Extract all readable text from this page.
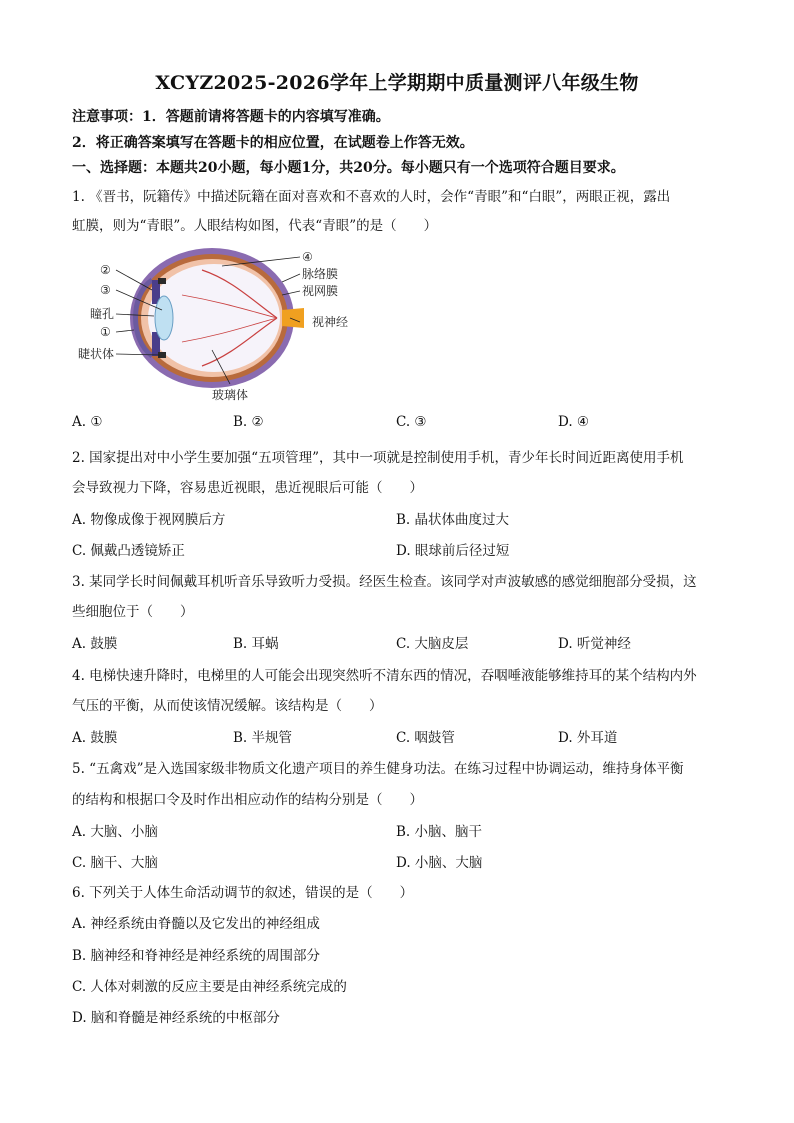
XCYZ2025-2026学年上学期期中质量测评八年级生物
注意事项：1．答题前请将答题卡的内容填写准确。
2．将正确答案填写在答题卡的相应位置，在试题卷上作答无效。
一、选择题：本题共20小题，每小题1分，共20分。每小题只有一个选项符合题目要求。
1. 《晋书，阮籍传》中描述阮籍在面对喜欢和不喜欢的人时，会作“青眼”和“白眼”，两眼正视，露出
虹膜，则为“青眼”。人眼结构如图，代表“青眼”的是（　　）
④
脉络膜
视网膜
②
③
瞳孔
①
视神经
睫状体
玻璃体
A. ①	B. ②	C. ③	D. ④
2. 国家提出对中小学生要加强“五项管理”，其中一项就是控制使用手机，青少年长时间近距离使用手机
会导致视力下降，容易患近视眼，患近视眼后可能（　　）
A. 物像成像于视网膜后方	B. 晶状体曲度过大
C. 佩戴凸透镜矫正	D. 眼球前后径过短
3. 某同学长时间佩戴耳机听音乐导致听力受损。经医生检查。该同学对声波敏感的感觉细胞部分受损，这
些细胞位于（　　）
A. 鼓膜	B. 耳蜗	C. 大脑皮层	D. 听觉神经
4. 电梯快速升降时，电梯里的人可能会出现突然听不清东西的情况，吞咽唾液能够维持耳的某个结构内外
气压的平衡，从而使该情况缓解。该结构是（　　）
A. 鼓膜	B. 半规管	C. 咽鼓管	D. 外耳道
5. “五禽戏”是入选国家级非物质文化遗产项目的养生健身功法。在练习过程中协调运动，维持身体平衡
的结构和根据口令及时作出相应动作的结构分别是（　　）
A. 大脑、小脑	B. 小脑、脑干
C. 脑干、大脑	D. 小脑、大脑
6. 下列关于人体生命活动调节的叙述，错误的是（　　）
A. 神经系统由脊髓以及它发出的神经组成
B. 脑神经和脊神经是神经系统的周围部分
C. 人体对刺激的反应主要是由神经系统完成的
D. 脑和脊髓是神经系统的中枢部分
